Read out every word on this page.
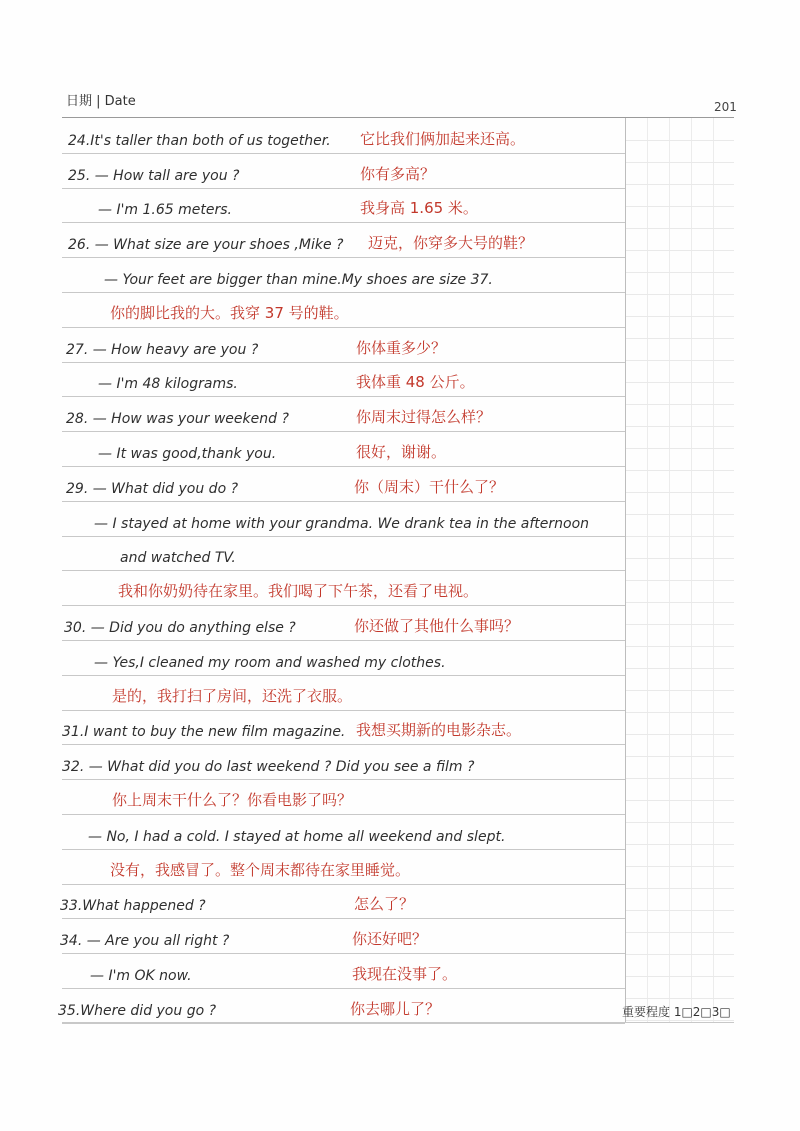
日期 | Date	201
24.It's taller than both of us together. 它比我们俩加起来还高。
25. — How tall are you ?	你有多高？
— I'm 1.65 meters.	我身高 1.65 米。
26. — What size are your shoes ,Mike ? 迈克，你穿多大号的鞋？
— Your feet are bigger than mine.My shoes are size 37.
你的脚比我的大。我穿 37 号的鞋。
27. — How heavy are you ?	你体重多少？
— I'm 48 kilograms.	我体重 48 公斤。
28. — How was your weekend ?	你周末过得怎么样？
— It was good,thank you.	很好，谢谢。
29. — What did you do ?	你（周末）干什么了？
— I stayed at home with your grandma. We drank tea in the afternoon
and watched TV.
我和你奶奶待在家里。我们喝了下午茶，还看了电视。
30. — Did you do anything else ?	你还做了其他什么事吗？
— Yes,I cleaned my room and washed my clothes.
是的，我打扫了房间，还洗了衣服。
31.I want to buy the new film magazine. 我想买期新的电影杂志。
32. — What did you do last weekend ? Did you see a film ?
你上周末干什么了？你看电影了吗？
— No, I had a cold. I stayed at home all weekend and slept.
没有，我感冒了。整个周末都待在家里睡觉。
33.What happened ?	怎么了？
34. — Are you all right ?	你还好吧？
— I'm OK now.	我现在没事了。
35.Where did you go ?	你去哪儿了？	重要程度 1□2□3□
